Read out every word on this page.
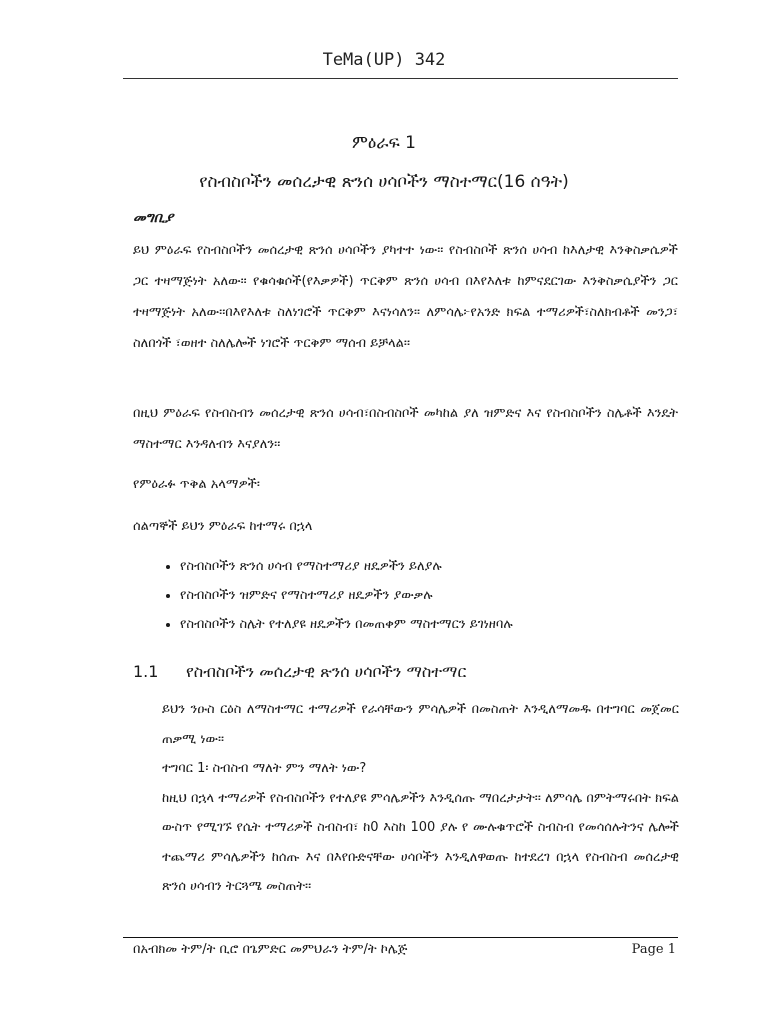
TeMa(UP) 342
ምዕራፍ 1
የስብስቦችን መሰረታዊ ጽንሰ ሀሳቦችን ማስተማር(16 ሰዓት)
መግቢያ
ይህ ምዕራፍ የስብስቦችን መሰረታዊ ጽንሰ ሀሳቦችን ያካተተ ነው፡፡ የስብስቦች ጽንሰ ሀሳብ ከእለታዊ እንቅስቃሴዎች ጋር ተዛማጅነት አለው፡፡ የቁሳቁሶች(የእቃዎች) ጥርቅም ጽንሰ ሀሳብ በእየእለቱ ከምናደርገው እንቅስቃሴያችን ጋር ተዛማጅነት አለው፡፡በእየእለቱ ስለነገሮች ጥርቅም እናነሳለን፡፡ ለምሳሌ፦የአንድ ክፍል ተማሪዎች፣ስለክብቶች መንጋ፣ ስለበጎች ፣ወዘተ ስለሌሎች ነገሮች ጥርቅም ማሰብ ይቻላል፡፡
በዚህ ምዕራፍ የስብስብን መሰረታዊ ጽንሰ ሀሳብ፣በስብስቦች መካከል ያለ ዝምድና እና የስብስቦችን ስሌቶች እንዴት ማስተማር እንዳለብን እናያለን፡፡
የምዕራፉ ጥቅል አላማዎች፡
ሰልጣኞች ይህን ምዕራፍ ከተማሩ በኋላ
• የስብስቦችን ጽንሰ ሀሳብ የማስተማሪያ ዘዴዎችን ይለያሉ
• የስብስቦችን ዝምድና የማስተማሪያ ዘዴዎችን ያውቃሉ
• የስብስቦችን ስሌት የተለያዩ ዘዴዎችን በመጠቀም ማስተማርን ይገነዘባሉ
1.1 የስብስቦችን መሰረታዊ ጽንሰ ሀሳቦችን ማስተማር

ይህን ንዑስ ርዕስ ለማስተማር ተማሪዎች የራሳቸውን ምሳሌዎች በመስጠት እንዲለማመዱ በተግባር መጀመር ጠቃሚ ነው፡፡

ተግባር 1፡ ስብስብ ማለት ምን ማለት ነው?

ከዚህ በኋላ ተማሪዎች የስብስቦችን የተለያዩ ምሳሌዎችን እንዲሰጡ ማበረታታት፡፡ ለምሳሌ በምትማሩበት ክፍል ውስጥ የሚገኙ የሴት ተማሪዎች ስብስብ፣ ከ0 እስከ 100 ያሉ የ ሙሉቁጥሮች ስብስብ የመሳሰሉትንና ሌሎች ተጨማሪ ምሳሌዎችን ከሰጡ እና በእየቡድናቸው ሀሳቦችን እንዲለዋወጡ ከተደረገ በኋላ የስብስብ መሰረታዊ ጽንሰ ሀሳብን ትርጓሜ መስጠት፡፡

በአብክመ ትም/ት ቢሮ በጌምድር መምህራን ትም/ት ኮሌጅ	Page 1
